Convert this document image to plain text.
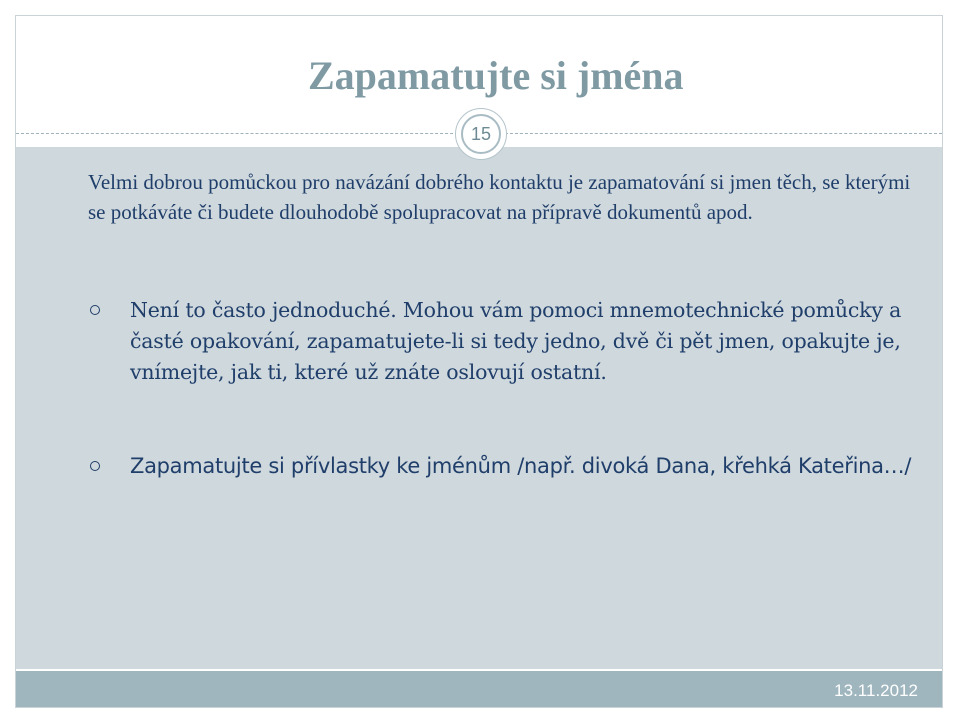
Zapamatujte si jména
15

Velmi dobrou pomůckou pro navázání dobrého kontaktu je zapamatování si jmen těch, se kterými se potkáváte či budete dlouhodobě spolupracovat na přípravě dokumentů apod.

Není to často jednoduché. Mohou vám pomoci mnemotechnické pomůcky a časté opakování, zapamatujete-li si tedy jedno, dvě či pět jmen, opakujte je, vnímejte, jak ti, které už znáte oslovují ostatní.

Zapamatujte si přívlastky ke jménům /např. divoká Dana, křehká Kateřina…/

13.11.2012
